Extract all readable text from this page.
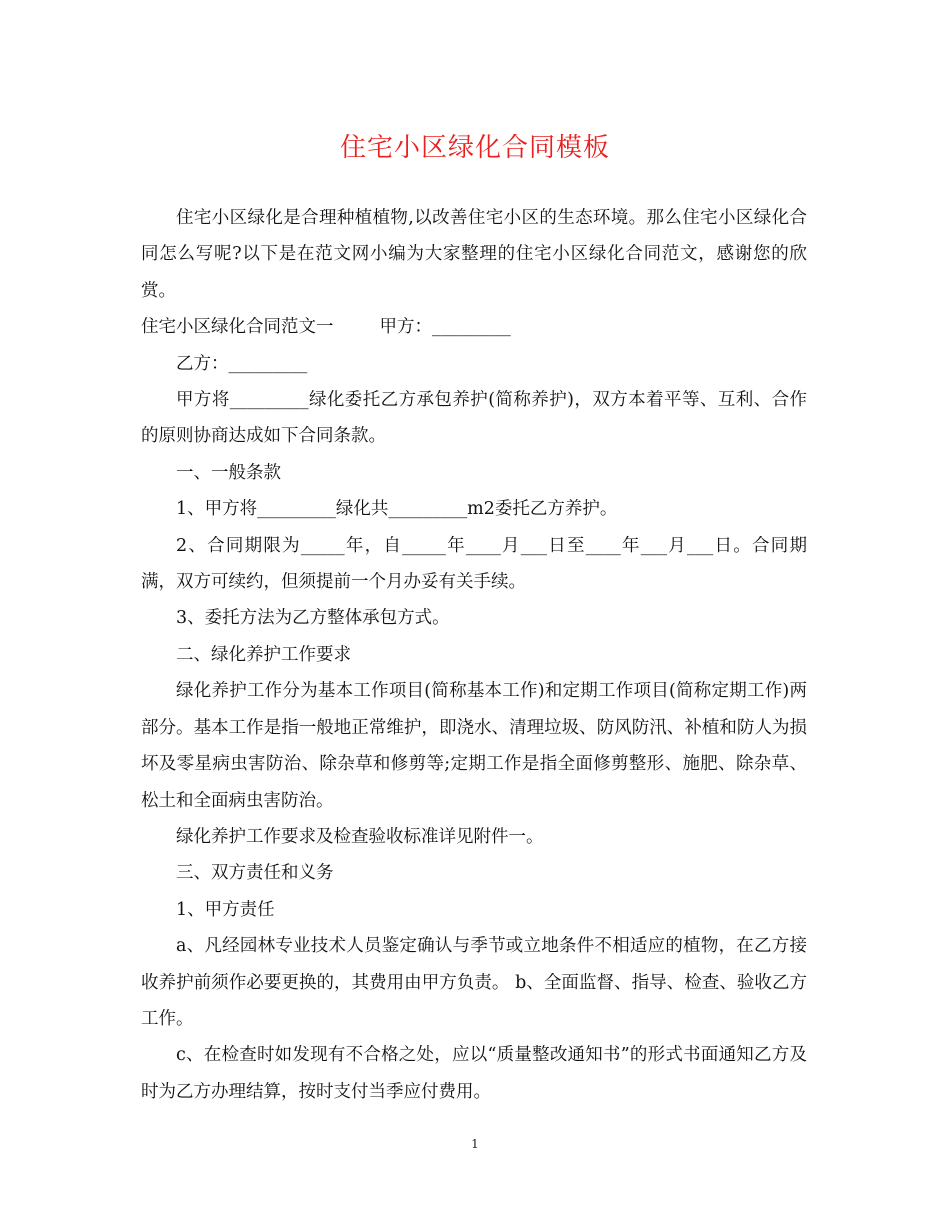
住宅小区绿化合同模板

住宅小区绿化是合理种植植物,以改善住宅小区的生态环境。那么住宅小区绿化合同怎么写呢?以下是在范文网小编为大家整理的住宅小区绿化合同范文，感谢您的欣赏。

住宅小区绿化合同范文一	甲方：_________

乙方：_________

甲方将_________绿化委托乙方承包养护(简称养护)，双方本着平等、互利、合作的原则协商达成如下合同条款。

一、一般条款

1、甲方将_________绿化共_________m2委托乙方养护。

2、合同期限为_____年，自_____年____月___日至____年___月___日。合同期满，双方可续约，但须提前一个月办妥有关手续。

3、委托方法为乙方整体承包方式。

二、绿化养护工作要求

绿化养护工作分为基本工作项目(简称基本工作)和定期工作项目(简称定期工作)两部分。基本工作是指一般地正常维护，即浇水、清理垃圾、防风防汛、补植和防人为损坏及零星病虫害防治、除杂草和修剪等;定期工作是指全面修剪整形、施肥、除杂草、松土和全面病虫害防治。

绿化养护工作要求及检查验收标准详见附件一。

三、双方责任和义务

1、甲方责任

a、凡经园林专业技术人员鉴定确认与季节或立地条件不相适应的植物，在乙方接收养护前须作必要更换的，其费用由甲方负责。 b、全面监督、指导、检查、验收乙方工作。

c、在检查时如发现有不合格之处，应以“质量整改通知书”的形式书面通知乙方及时为乙方办理结算，按时支付当季应付费用。

1
